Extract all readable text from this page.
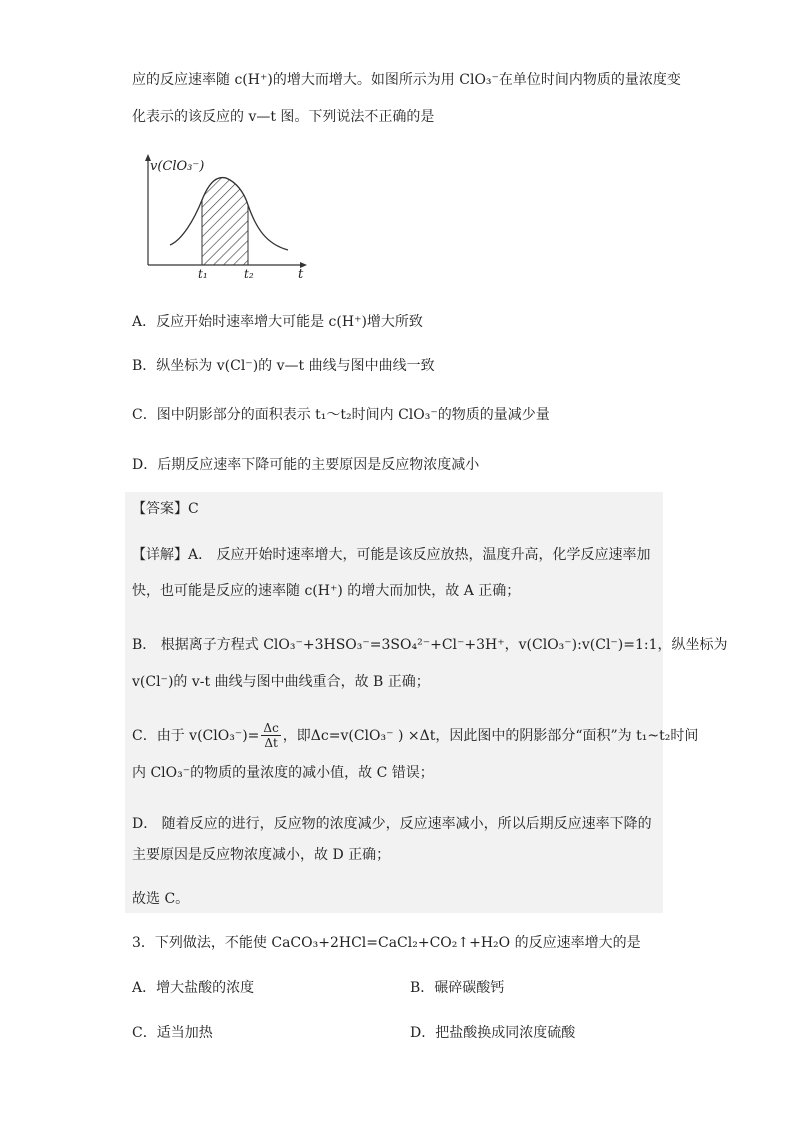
应的反应速率随 c(H⁺)的增大而增大。如图所示为用 ClO₃⁻在单位时间内物质的量浓度变
化表示的该反应的 v—t 图。下列说法不正确的是
v(ClO₃⁻)
t₁	t₂	t
A．反应开始时速率增大可能是 c(H⁺)增大所致
B．纵坐标为 v(Cl⁻)的 v—t 曲线与图中曲线一致
C．图中阴影部分的面积表示 t₁～t₂时间内 ClO₃⁻的物质的量减少量
D．后期反应速率下降可能的主要原因是反应物浓度减小
【答案】C
【详解】A． 反应开始时速率增大，可能是该反应放热，温度升高，化学反应速率加
快，也可能是反应的速率随 c(H⁺) 的增大而加快，故 A 正确；
B． 根据离子方程式 ClO₃⁻+3HSO₃⁻=3SO₄²⁻+Cl⁻+3H⁺，v(ClO₃⁻):v(Cl⁻)=1:1，纵坐标为
v(Cl⁻)的 v-t 曲线与图中曲线重合，故 B 正确；
C．由于 $v(ClO_3^-)= \frac{\Delta c}{\Delta t}$ ，即Δc=v(ClO₃⁻ ) ×Δt，因此图中的阴影部分“面积”为 t₁~t₂时间
内 ClO₃⁻的物质的量浓度的减小值，故 C 错误；
D． 随着反应的进行，反应物的浓度减少，反应速率减小，所以后期反应速率下降的
主要原因是反应物浓度减小，故 D 正确；
故选 C。
3．下列做法，不能使 CaCO₃+2HCl=CaCl₂+CO₂↑+H₂O 的反应速率增大的是
A．增大盐酸的浓度	B．碾碎碳酸钙
C．适当加热	D．把盐酸换成同浓度硫酸
